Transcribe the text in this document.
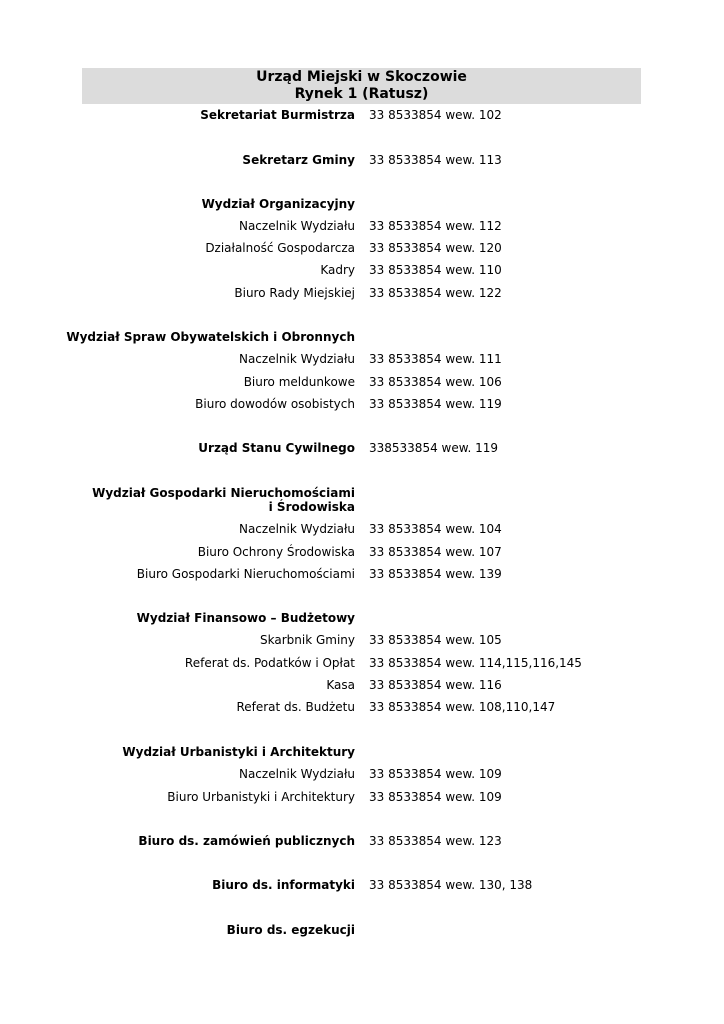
Urząd Miejski w Skoczowie
Rynek 1 (Ratusz)
Sekretariat Burmistrza 33 8533854 wew. 102
Sekretarz Gminy 33 8533854 wew. 113
Wydział Organizacyjny
Naczelnik Wydziału 33 8533854 wew. 112
Działalność Gospodarcza 33 8533854 wew. 120
Kadry 33 8533854 wew. 110
Biuro Rady Miejskiej 33 8533854 wew. 122
Wydział Spraw Obywatelskich i Obronnych
Naczelnik Wydziału 33 8533854 wew. 111
Biuro meldunkowe 33 8533854 wew. 106
Biuro dowodów osobistych 33 8533854 wew. 119
Urząd Stanu Cywilnego 338533854 wew. 119
Wydział Gospodarki Nieruchomościami
i Środowiska
Naczelnik Wydziału 33 8533854 wew. 104
Biuro Ochrony Środowiska 33 8533854 wew. 107
Biuro Gospodarki Nieruchomościami 33 8533854 wew. 139
Wydział Finansowo – Budżetowy
Skarbnik Gminy 33 8533854 wew. 105
Referat ds. Podatków i Opłat 33 8533854 wew. 114,115,116,145
Kasa 33 8533854 wew. 116
Referat ds. Budżetu 33 8533854 wew. 108,110,147
Wydział Urbanistyki i Architektury
Naczelnik Wydziału 33 8533854 wew. 109
Biuro Urbanistyki i Architektury 33 8533854 wew. 109
Biuro ds. zamówień publicznych 33 8533854 wew. 123
Biuro ds. informatyki 33 8533854 wew. 130, 138
Biuro ds. egzekucji
